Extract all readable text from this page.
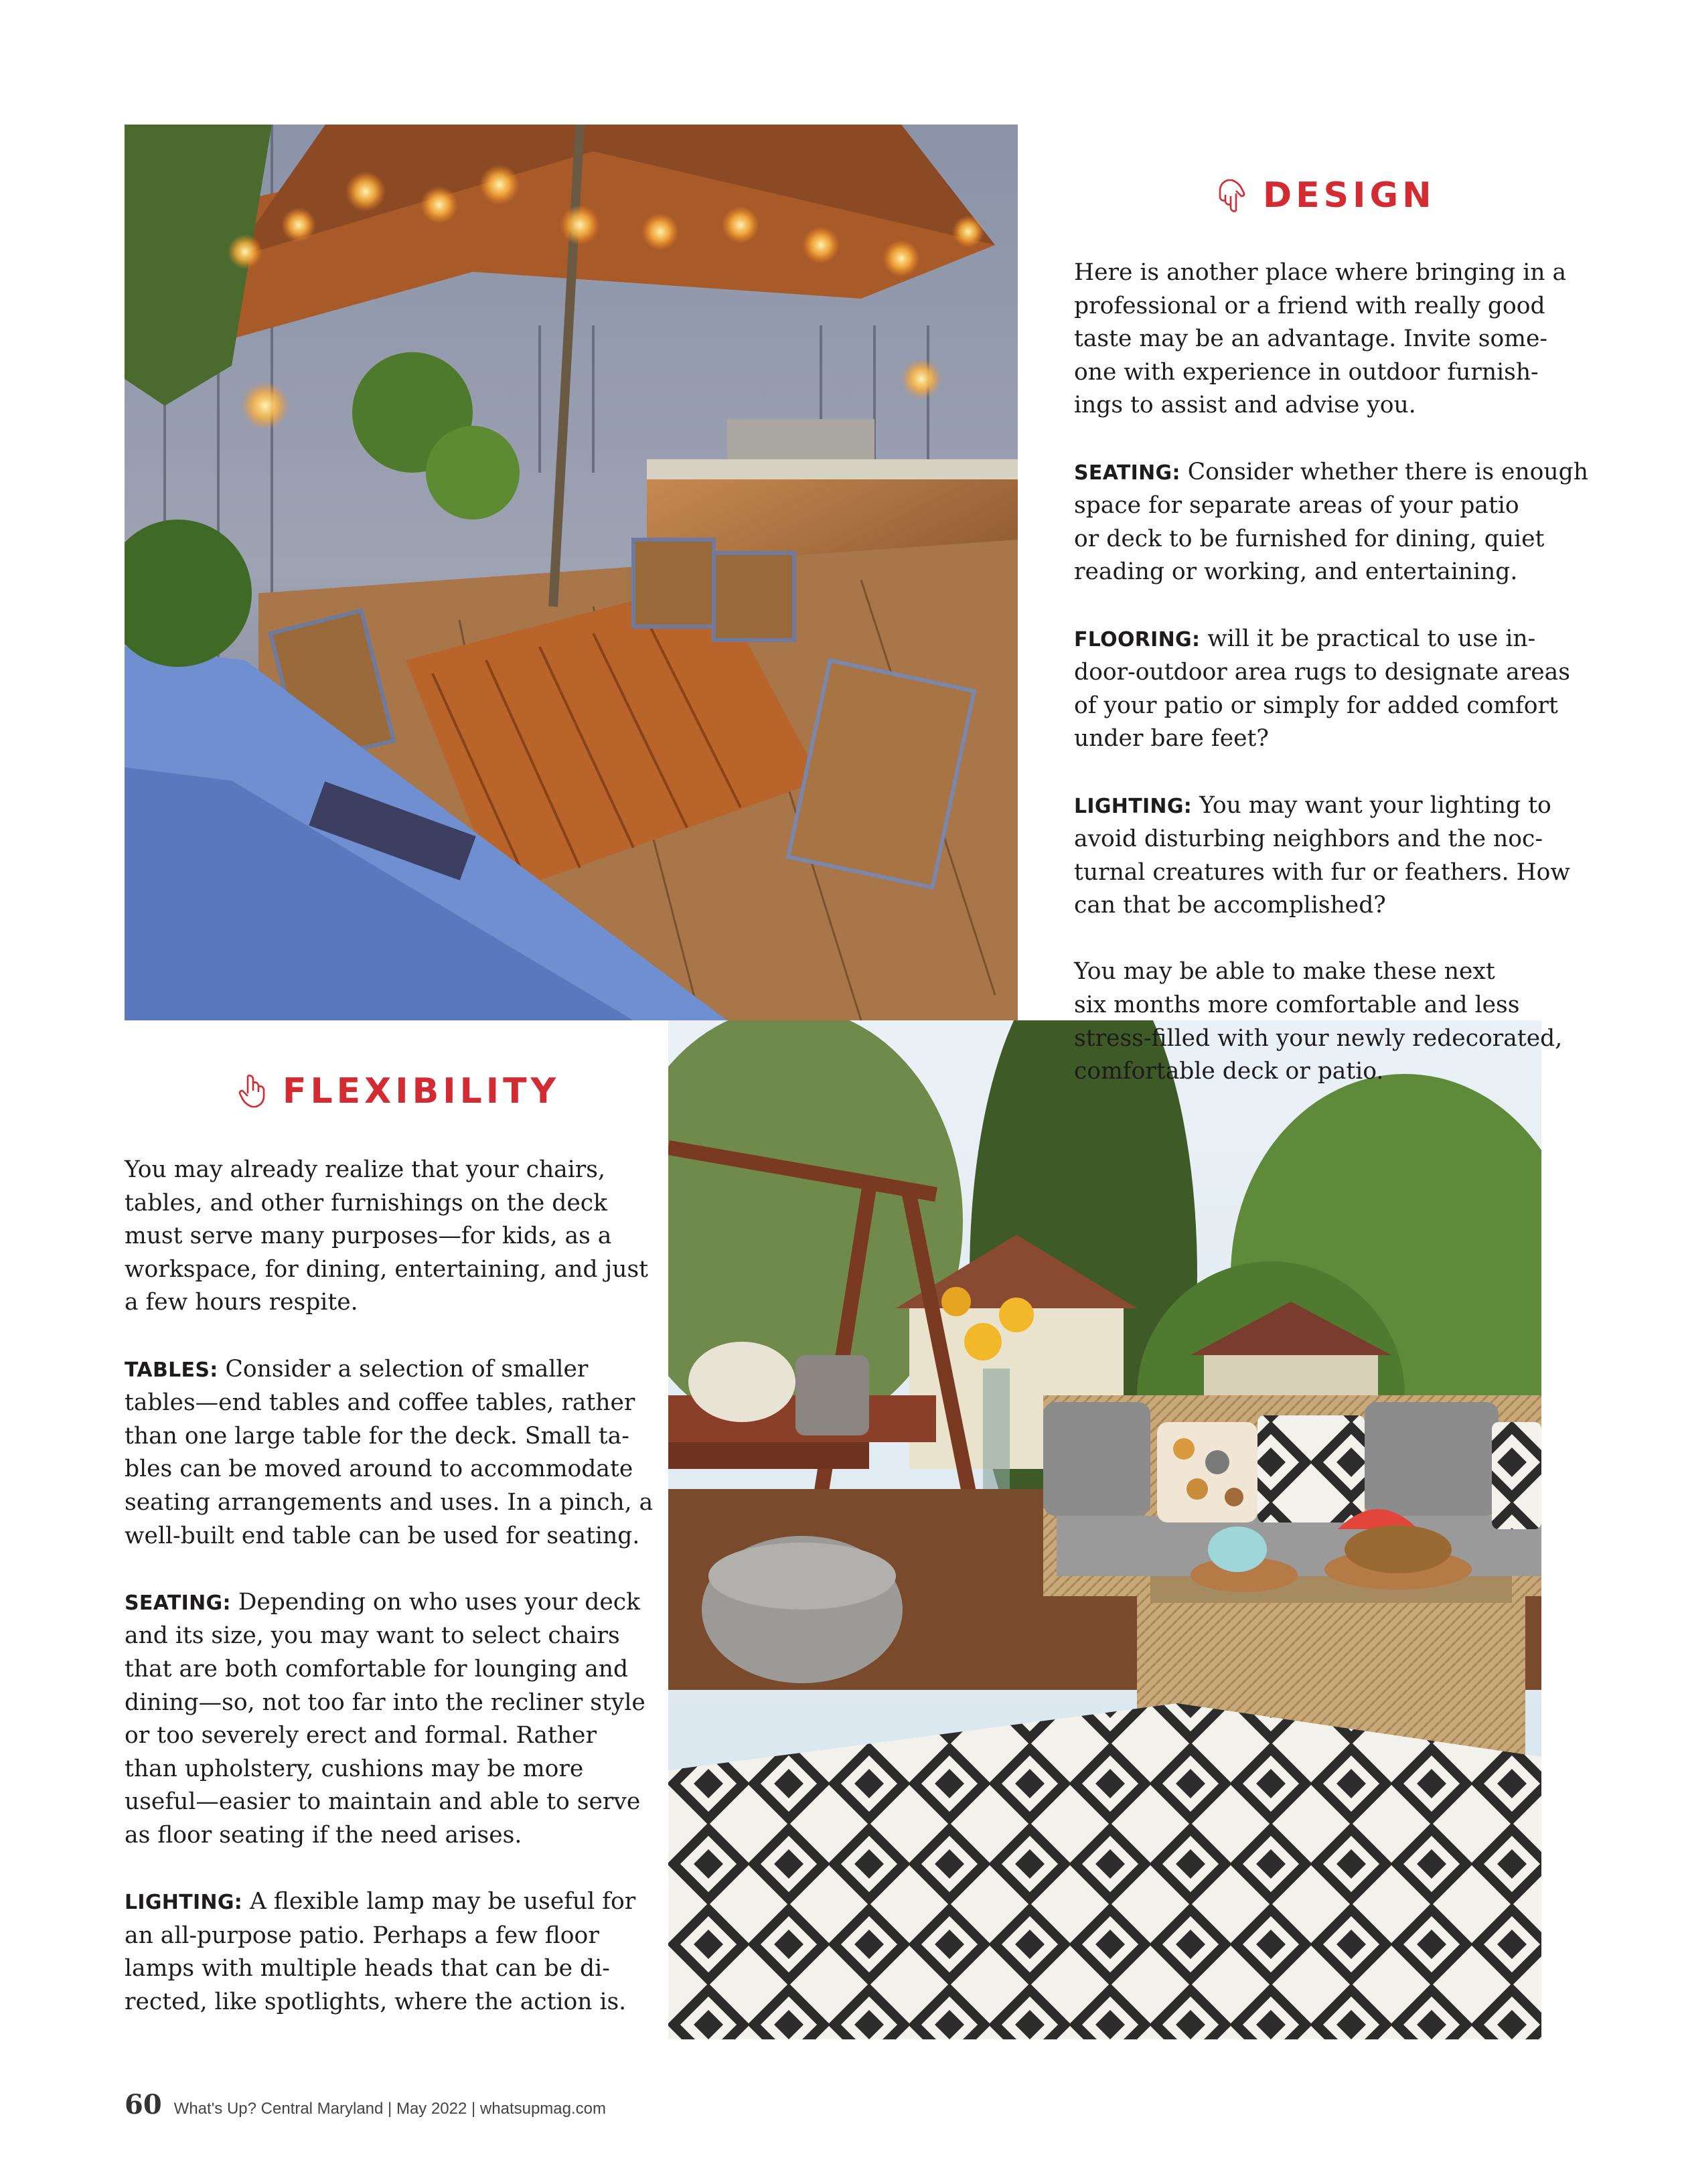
DESIGN

Here is another place where bringing in a
professional or a friend with really good
taste may be an advantage. Invite some-
one with experience in outdoor furnish-
ings to assist and advise you.

SEATING: Consider whether there is enough
space for separate areas of your patio
or deck to be furnished for dining, quiet
reading or working, and entertaining.

FLOORING: will it be practical to use in-
door-outdoor area rugs to designate areas
of your patio or simply for added comfort
under bare feet?

LIGHTING: You may want your lighting to
avoid disturbing neighbors and the noc-
turnal creatures with fur or feathers. How
can that be accomplished?

You may be able to make these next
six months more comfortable and less
stress-filled with your newly redecorated,
comfortable deck or patio.

FLEXIBILITY

You may already realize that your chairs,
tables, and other furnishings on the deck
must serve many purposes—for kids, as a
workspace, for dining, entertaining, and just
a few hours respite.

TABLES: Consider a selection of smaller
tables—end tables and coffee tables, rather
than one large table for the deck. Small ta-
bles can be moved around to accommodate
seating arrangements and uses. In a pinch, a
well-built end table can be used for seating.

SEATING: Depending on who uses your deck
and its size, you may want to select chairs
that are both comfortable for lounging and
dining—so, not too far into the recliner style
or too severely erect and formal. Rather
than upholstery, cushions may be more
useful—easier to maintain and able to serve
as floor seating if the need arises.

LIGHTING: A flexible lamp may be useful for
an all-purpose patio. Perhaps a few floor
lamps with multiple heads that can be di-
rected, like spotlights, where the action is.

60 What's Up? Central Maryland | May 2022 | whatsupmag.com
